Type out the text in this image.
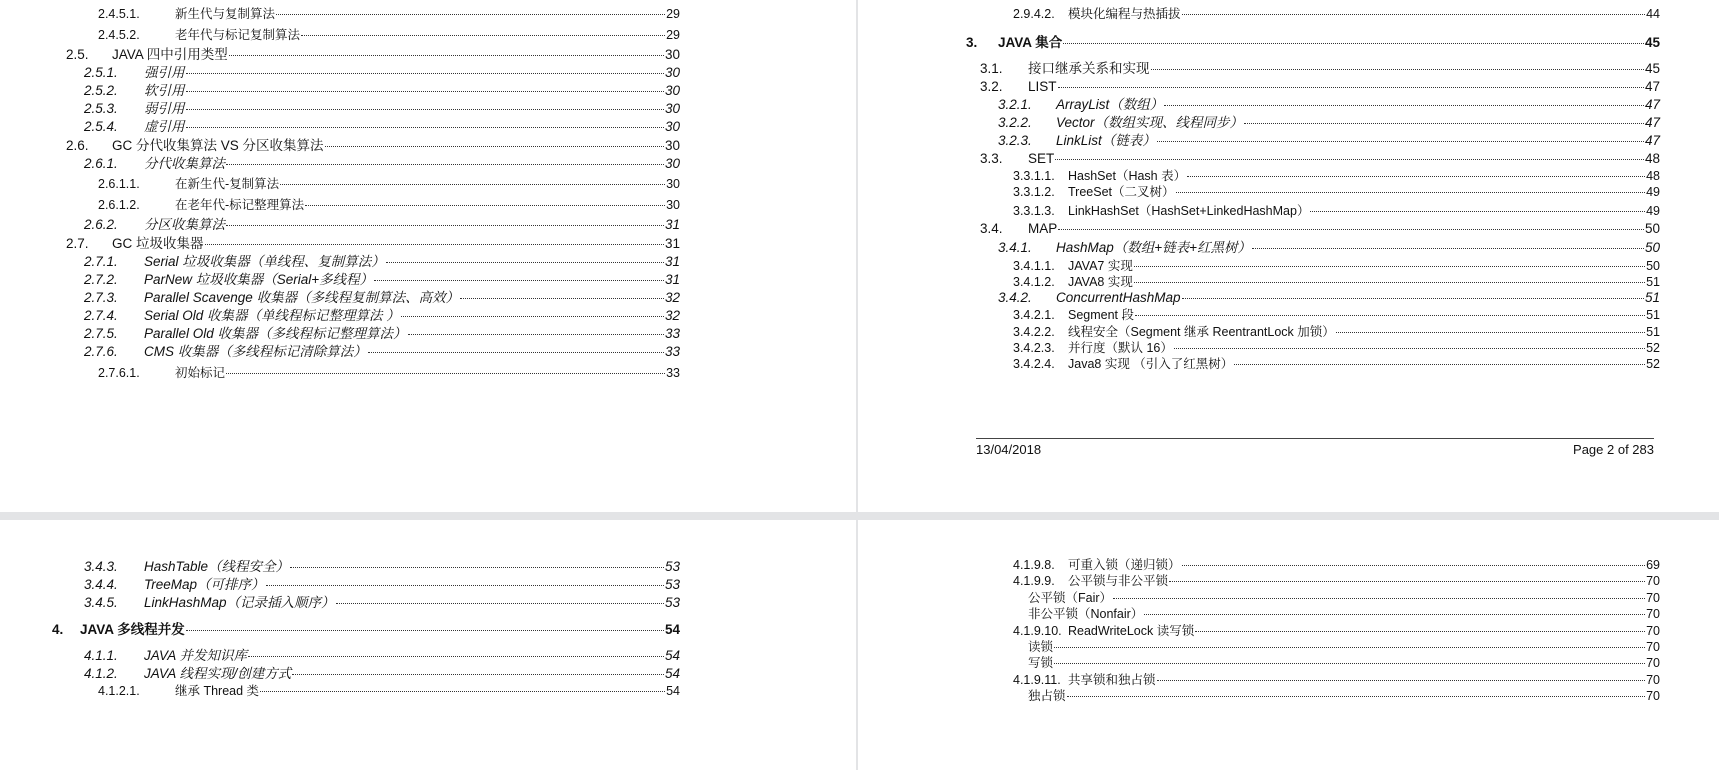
2.4.5.1.	新生代与复制算法	29
2.4.5.2.	老年代与标记复制算法	29
2.5.	JAVA 四中引用类型	30
2.5.1.	强引用	30
2.5.2.	软引用	30
2.5.3.	弱引用	30
2.5.4.	虚引用	30
2.6.	GC 分代收集算法 VS 分区收集算法	30
2.6.1.	分代收集算法	30
2.6.1.1.	在新生代-复制算法	30
2.6.1.2.	在老年代-标记整理算法	30
2.6.2.	分区收集算法	31
2.7.	GC 垃圾收集器	31
2.7.1.	Serial 垃圾收集器（单线程、复制算法）	31
2.7.2.	ParNew 垃圾收集器（Serial+多线程）	31
2.7.3.	Parallel Scavenge 收集器（多线程复制算法、高效）	32
2.7.4.	Serial Old 收集器（单线程标记整理算法 ）	32
2.7.5.	Parallel Old 收集器（多线程标记整理算法）	33
2.7.6.	CMS 收集器（多线程标记清除算法）	33
2.7.6.1.	初始标记	33
2.9.4.2.	模块化编程与热插拔	44
3.	JAVA 集合	45
3.1.	接口继承关系和实现	45
3.2.	LIST	47
3.2.1.	ArrayList（数组）	47
3.2.2.	Vector（数组实现、线程同步）	47
3.2.3.	LinkList（链表）	47
3.3.	SET	48
3.3.1.1.	HashSet（Hash 表）	48
3.3.1.2.	TreeSet（二叉树）	49
3.3.1.3.	LinkHashSet（HashSet+LinkedHashMap）	49
3.4.	MAP	50
3.4.1.	HashMap（数组+链表+红黑树）	50
3.4.1.1.	JAVA7 实现	50
3.4.1.2.	JAVA8 实现	51
3.4.2.	ConcurrentHashMap	51
3.4.2.1.	Segment 段	51
3.4.2.2.	线程安全（Segment 继承 ReentrantLock 加锁）	51
3.4.2.3.	并行度（默认 16）	52
3.4.2.4.	Java8 实现 （引入了红黑树）	52
13/04/2018	Page 2 of 283
3.4.3.	HashTable（线程安全）	53
3.4.4.	TreeMap（可排序）	53
3.4.5.	LinkHashMap（记录插入顺序）	53
4.	JAVA 多线程并发	54
4.1.1.	JAVA 并发知识库	54
4.1.2.	JAVA 线程实现/创建方式	54
4.1.2.1.	继承 Thread 类	54
4.1.9.8.	可重入锁（递归锁）	69
4.1.9.9.	公平锁与非公平锁	70
公平锁（Fair）	70
非公平锁（Nonfair）	70
4.1.9.10. ReadWriteLock 读写锁	70
读锁	70
写锁	70
4.1.9.11. 共享锁和独占锁	70
独占锁	70
